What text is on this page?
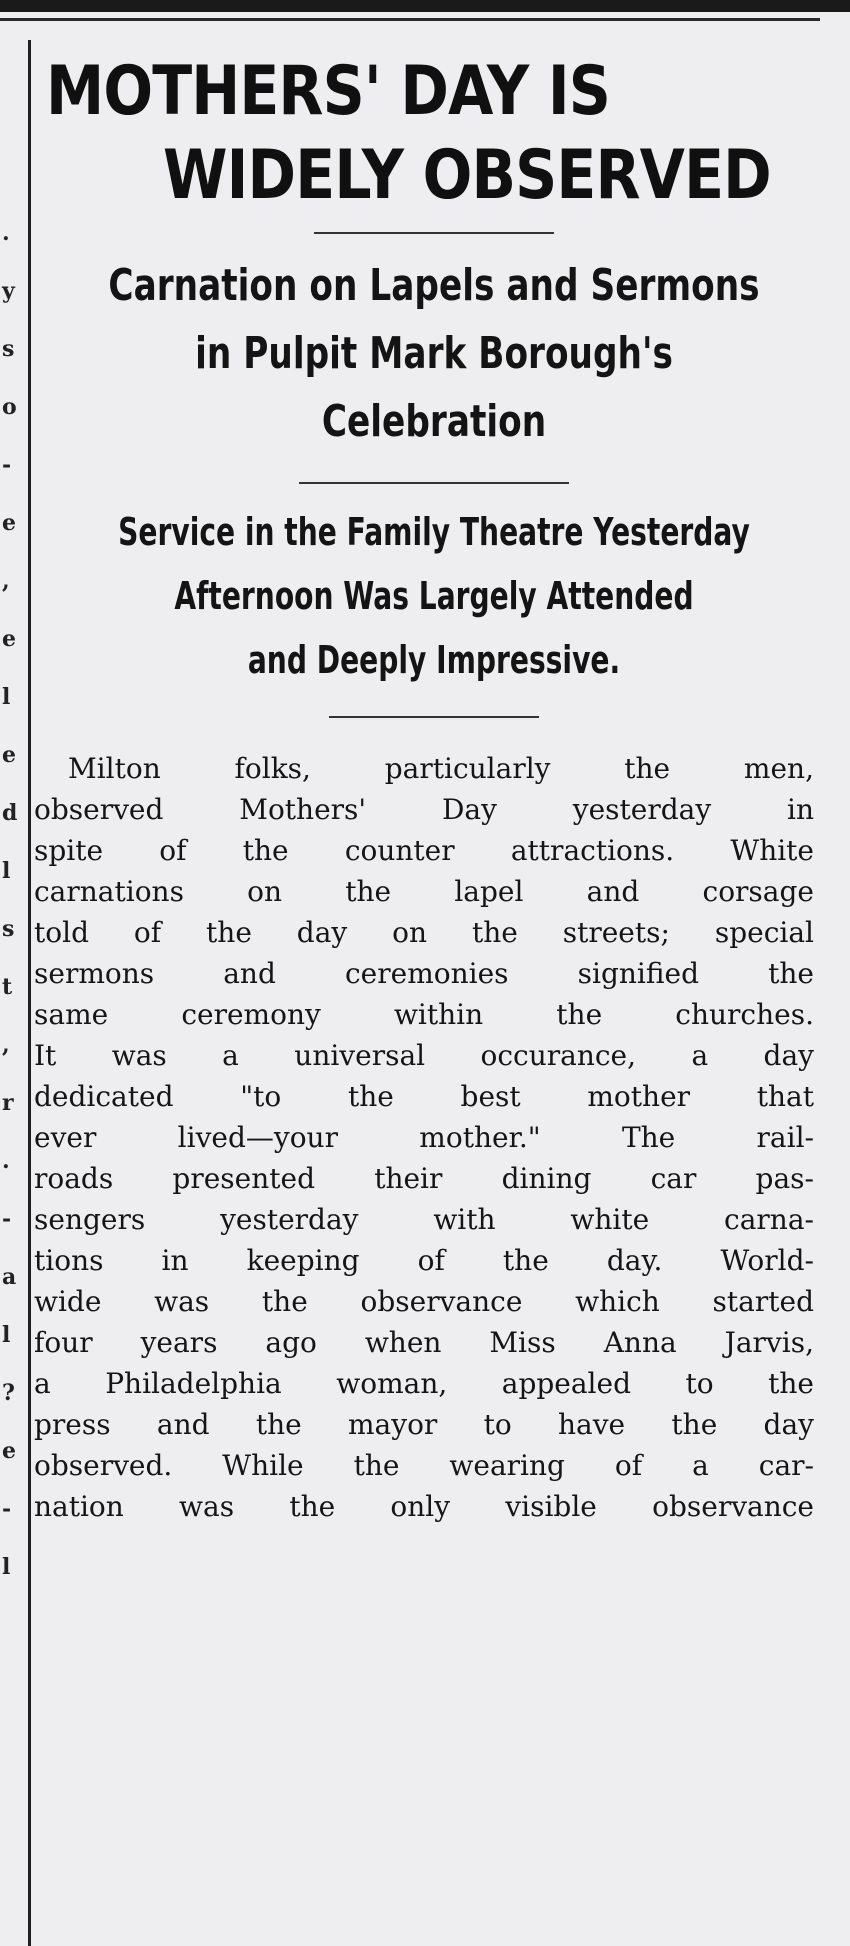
.
y
s
o
-
e
,
e
l
e
d
l
s
t
,
r
.
-
a
l
?
e
-
l
MOTHERS' DAY IS
WIDELY OBSERVED
Carnation on Lapels and Sermons
in Pulpit Mark Borough's
Celebration
Service in the Family Theatre Yesterday
Afternoon Was Largely Attended
and Deeply Impressive.
Milton folks, particularly the men,
observed Mothers' Day yesterday in
spite of the counter attractions. White
carnations on the lapel and corsage
told of the day on the streets; special
sermons and ceremonies signified the
same ceremony within the churches.
It was a universal occurance, a day
dedicated "to the best mother that
ever lived—your mother." The rail-
roads presented their dining car pas-
sengers yesterday with white carna-
tions in keeping of the day. World-
wide was the observance which started
four years ago when Miss Anna Jarvis,
a Philadelphia woman, appealed to the
press and the mayor to have the day
observed. While the wearing of a car-
nation was the only visible observance
